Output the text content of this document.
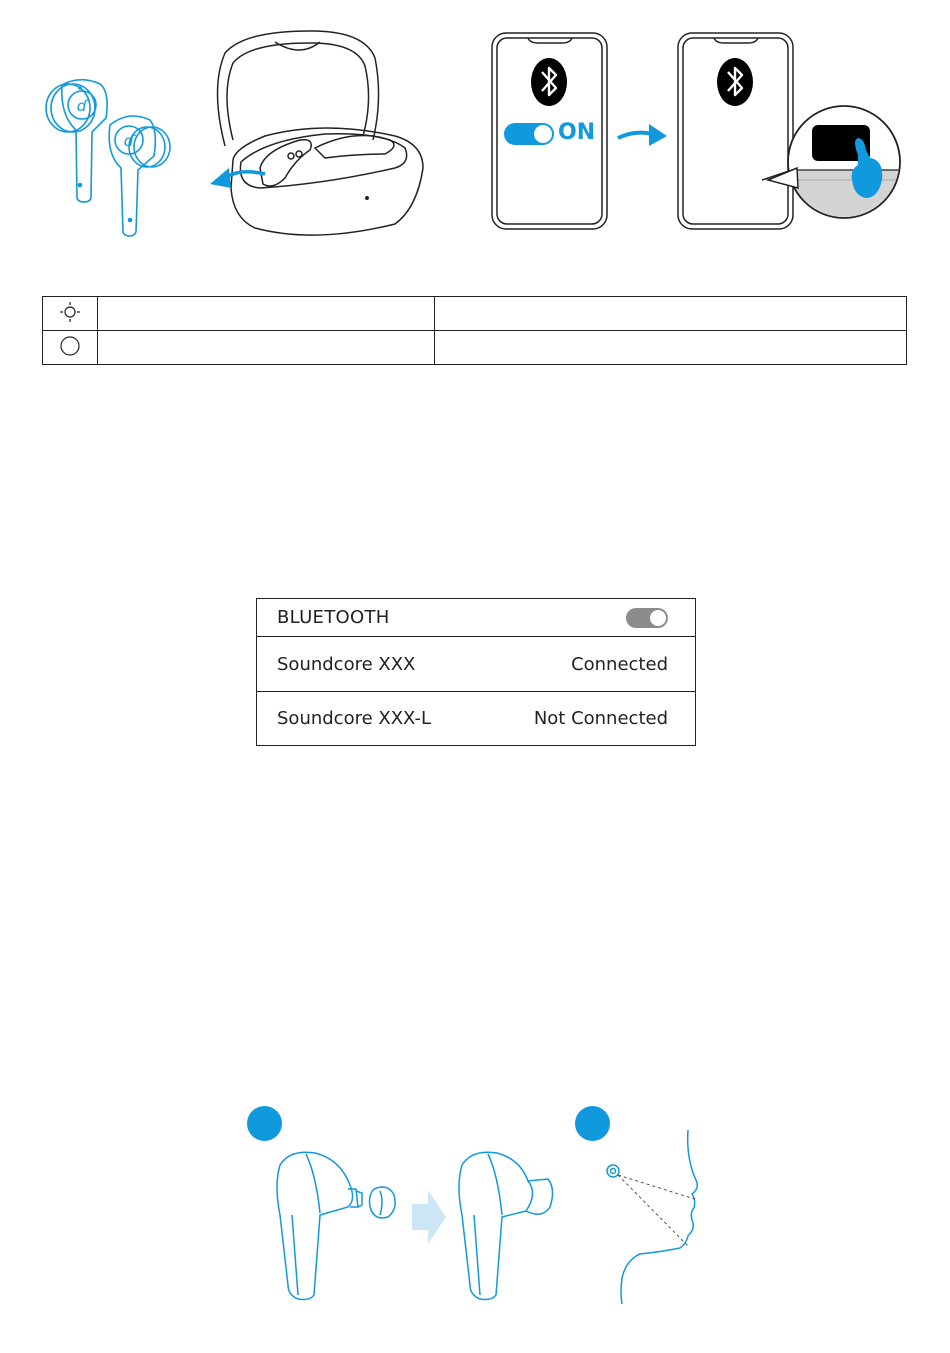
ɗ
ɗ	ON

BLUETOOTH
Soundcore XXX	Connected
Soundcore XXX-L	Not Connected
